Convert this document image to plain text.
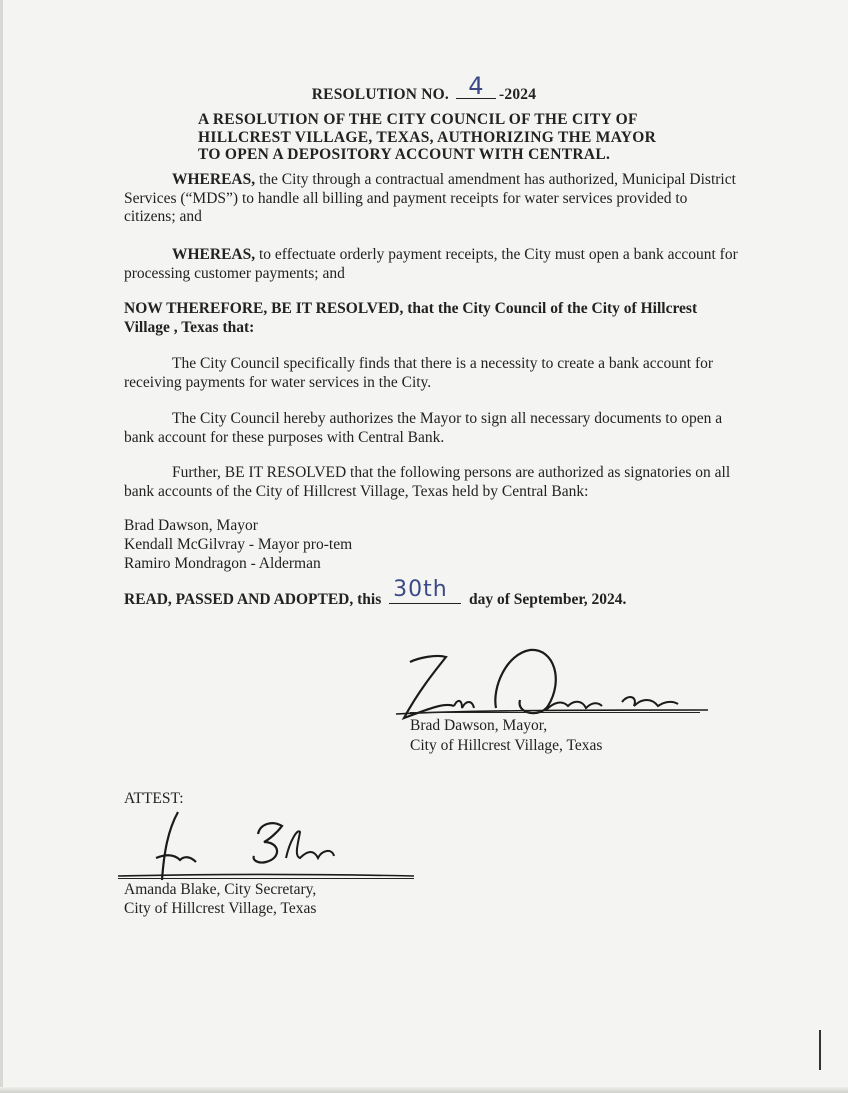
RESOLUTION NO. 4 -2024
A RESOLUTION OF THE CITY COUNCIL OF THE CITY OF HILLCREST VILLAGE, TEXAS, AUTHORIZING THE MAYOR TO OPEN A DEPOSITORY ACCOUNT WITH CENTRAL.
WHEREAS, the City through a contractual amendment has authorized, Municipal District Services (“MDS”) to handle all billing and payment receipts for water services provided to citizens; and
WHEREAS, to effectuate orderly payment receipts, the City must open a bank account for processing customer payments; and
NOW THEREFORE, BE IT RESOLVED, that the City Council of the City of Hillcrest Village , Texas that:
The City Council specifically finds that there is a necessity to create a bank account for receiving payments for water services in the City.
The City Council hereby authorizes the Mayor to sign all necessary documents to open a bank account for these purposes with Central Bank.
Further, BE IT RESOLVED that the following persons are authorized as signatories on all bank accounts of the City of Hillcrest Village, Texas held by Central Bank:
Brad Dawson, Mayor
Kendall McGilvray - Mayor pro-tem
Ramiro Mondragon - Alderman
READ, PASSED AND ADOPTED, this 30th day of September, 2024.
Brad Dawson, Mayor,
City of Hillcrest Village, Texas
ATTEST:
Amanda Blake, City Secretary,
City of Hillcrest Village, Texas
